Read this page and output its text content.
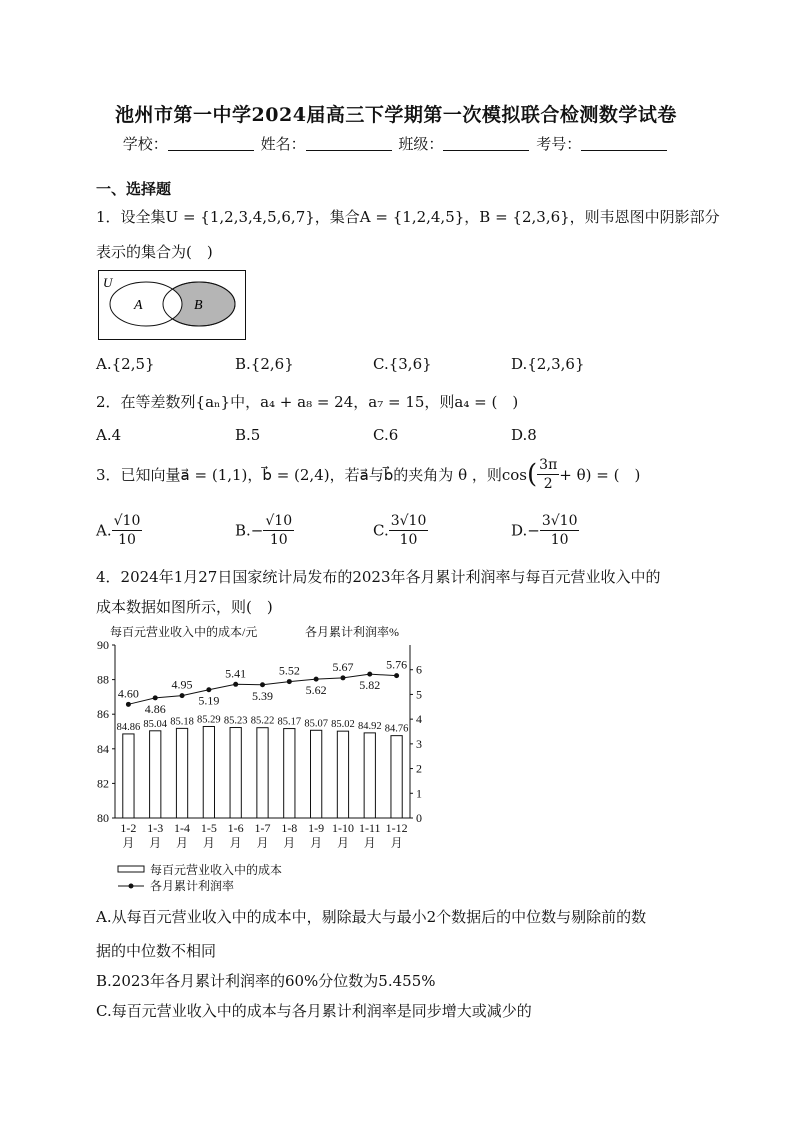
池州市第一中学2024届高三下学期第一次模拟联合检测数学试卷
学校：	姓名：	班级：	考号：
一、选择题
1．设全集U = {1,2,3,4,5,6,7}，集合A = {1,2,4,5}，B = {2,3,6}，则韦恩图中阴影部分
表示的集合为(　)
U
A	B
A.{2,5}	B.{2,6}	C.{3,6}	D.{2,3,6}
2．在等差数列{aₙ}中，a₄ + a₈ = 24，a₇ = 15，则a₄ = (　)
A.4	B.5	C.6	D.8
3．已知向量a⃗ = (1,1)，b⃗ = (2,4)，若a⃗与b⃗的夹角为 θ ，则$\cos( \frac{3\pi}{2} + \theta)$ = (　)
A. $\frac{√10}{10}$	$B.- \frac{√10}{10}$	C. $\frac{3√10}{10}$	$D.- \frac{3√10}{10}$
4．2024年1月27日国家统计局发布的2023年各月累计利润率与每百元营业收入中的
成本数据如图所示，则(　)
每百元营业收入中的成本/元	各月累计利润率%
80
82
84
86
88
90
0
1
2
3
4
5
6
84.86
1-2
月
85.04
1-3
月
85.18
1-4
月
85.29
1-5
月
85.23
1-6
月
85.22
1-7
月
85.17
1-8
月
85.07
1-9
月
85.02
1-10
月
84.92
1-11
月
84.76
1-12
月
4.60
4.86
4.95
5.19
5.41
5.39
5.52
5.62
5.67
5.82
5.76
每百元营业收入中的成本
各月累计利润率
A.从每百元营业收入中的成本中，剔除最大与最小2个数据后的中位数与剔除前的数
据的中位数不相同
B.2023年各月累计利润率的60%分位数为5.455%
C.每百元营业收入中的成本与各月累计利润率是同步增大或减少的
